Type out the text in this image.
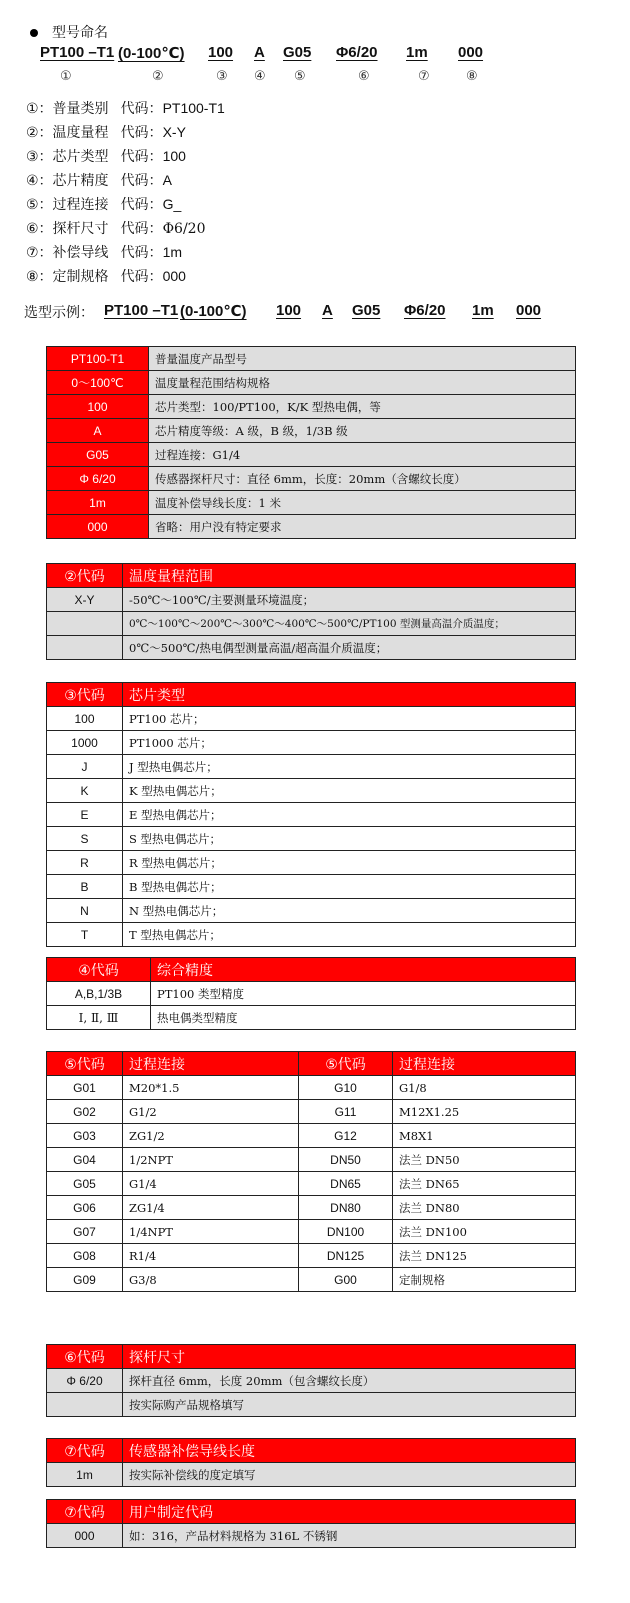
型号命名
PT100 –T1 (0-100℃) 100 A G05 Φ6/20 1m 000
①	②	③ ④ ⑤	⑥	⑦	⑧
①：普量类别 代码：PT100-T1
②：温度量程 代码：X-Y
③：芯片类型 代码：100
④：芯片精度 代码：A
⑤：过程连接 代码：G_
⑥：探杆尺寸 代码：Φ6/20
⑦：补偿导线 代码：1m
⑧：定制规格 代码：000
选型示例： PT100 –T1 (0-100℃) 100 A G05 Φ6/20 1m 000
PT100-T1	普量温度产品型号
0～100℃	温度量程范围结构规格
100	芯片类型：100/PT100，K/K 型热电偶，等
A	芯片精度等级：A 级，B 级，1/3B 级
G05	过程连接：G1/4
Φ 6/20	传感器探杆尺寸：直径 6mm，长度：20mm（含螺纹长度）
1m	温度补偿导线长度：1 米
000	省略：用户没有特定要求
②代码	温度量程范围
X-Y	-50℃～100℃/主要测量环境温度；
	0℃～100℃～200℃～300℃～400℃～500℃/PT100 型测量高温介质温度；
	0℃～500℃/热电偶型测量高温/超高温介质温度；
③代码	芯片类型
100	PT100 芯片；
1000	PT1000 芯片；
J	J 型热电偶芯片；
K	K 型热电偶芯片；
E	E 型热电偶芯片；
S	S 型热电偶芯片；
R	R 型热电偶芯片；
B	B 型热电偶芯片；
N	N 型热电偶芯片；
T	T 型热电偶芯片；
④代码	综合精度
A,B,1/3B	PT100 类型精度
Ⅰ, Ⅱ, Ⅲ	热电偶类型精度
⑤代码	过程连接	⑤代码	过程连接
G01	M20*1.5	G10	G1/8
G02	G1/2	G11	M12X1.25
G03	ZG1/2	G12	M8X1
G04	1/2NPT	DN50	法兰 DN50
G05	G1/4	DN65	法兰 DN65
G06	ZG1/4	DN80	法兰 DN80
G07	1/4NPT	DN100	法兰 DN100
G08	R1/4	DN125	法兰 DN125
G09	G3/8	G00	定制规格
⑥代码	探杆尺寸
Φ 6/20	探杆直径 6mm，长度 20mm（包含螺纹长度）
	按实际购产品规格填写
⑦代码	传感器补偿导线长度
1m	按实际补偿线的度定填写
⑦代码	用户制定代码
000	如：316，产品材料规格为 316L 不锈钢
